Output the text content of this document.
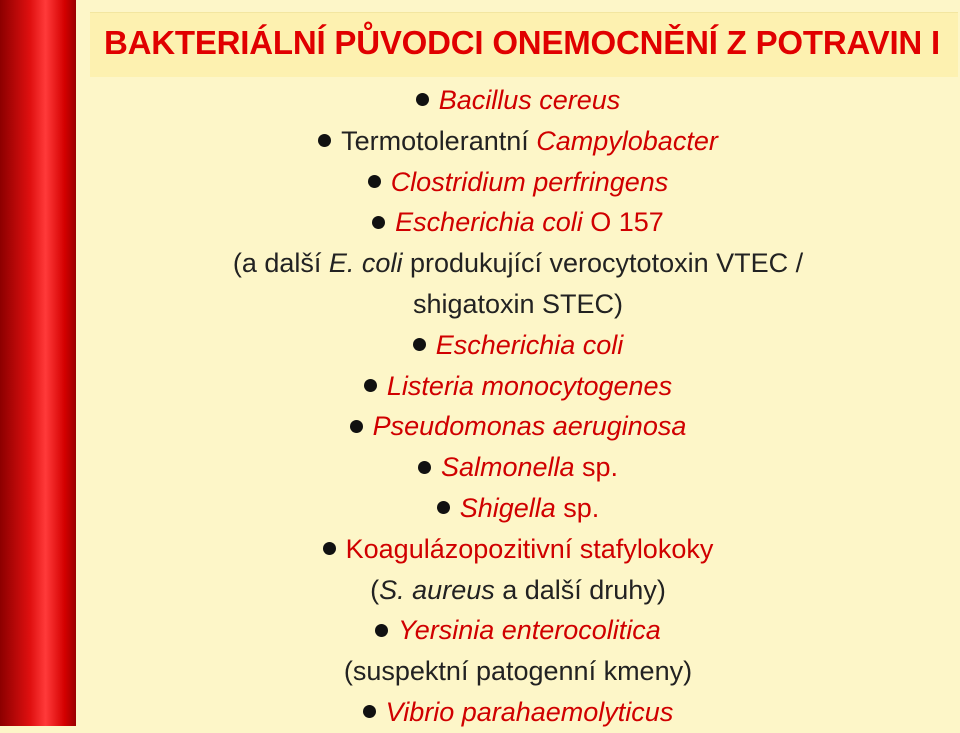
BAKTERIÁLNÍ PŮVODCI ONEMOCNĚNÍ Z POTRAVIN I
Bacillus cereus
Termotolerantní Campylobacter
Clostridium perfringens
Escherichia coli O 157
(a další E. coli produkující verocytotoxin VTEC /
shigatoxin STEC)
Escherichia coli
Listeria monocytogenes
Pseudomonas aeruginosa
Salmonella sp.
Shigella sp.
Koagulázopozitivní stafylokoky
(S. aureus a další druhy)
Yersinia enterocolitica
(suspektní patogenní kmeny)
Vibrio parahaemolyticus
